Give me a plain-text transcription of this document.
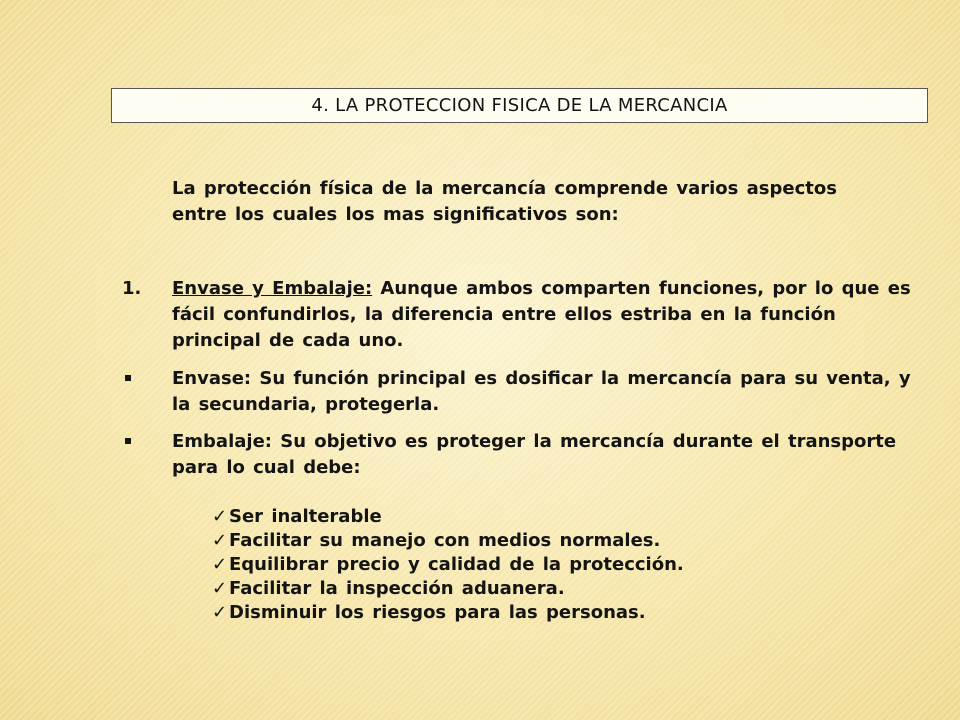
4. LA PROTECCION FISICA DE LA MERCANCIA
La protección física de la mercancía comprende varios aspectos entre los cuales los mas significativos son:
1. Envase y Embalaje: Aunque ambos comparten funciones, por lo que es fácil confundirlos, la diferencia entre ellos estriba en la función principal de cada uno.
Envase: Su función principal es dosificar la mercancía para su venta, y la secundaria, protegerla.
Embalaje: Su objetivo es proteger la mercancía durante el transporte para lo cual debe:
✓ Ser inalterable
✓ Facilitar su manejo con medios normales.
✓ Equilibrar precio y calidad de la protección.
✓ Facilitar la inspección aduanera.
✓ Disminuir los riesgos para las personas.
